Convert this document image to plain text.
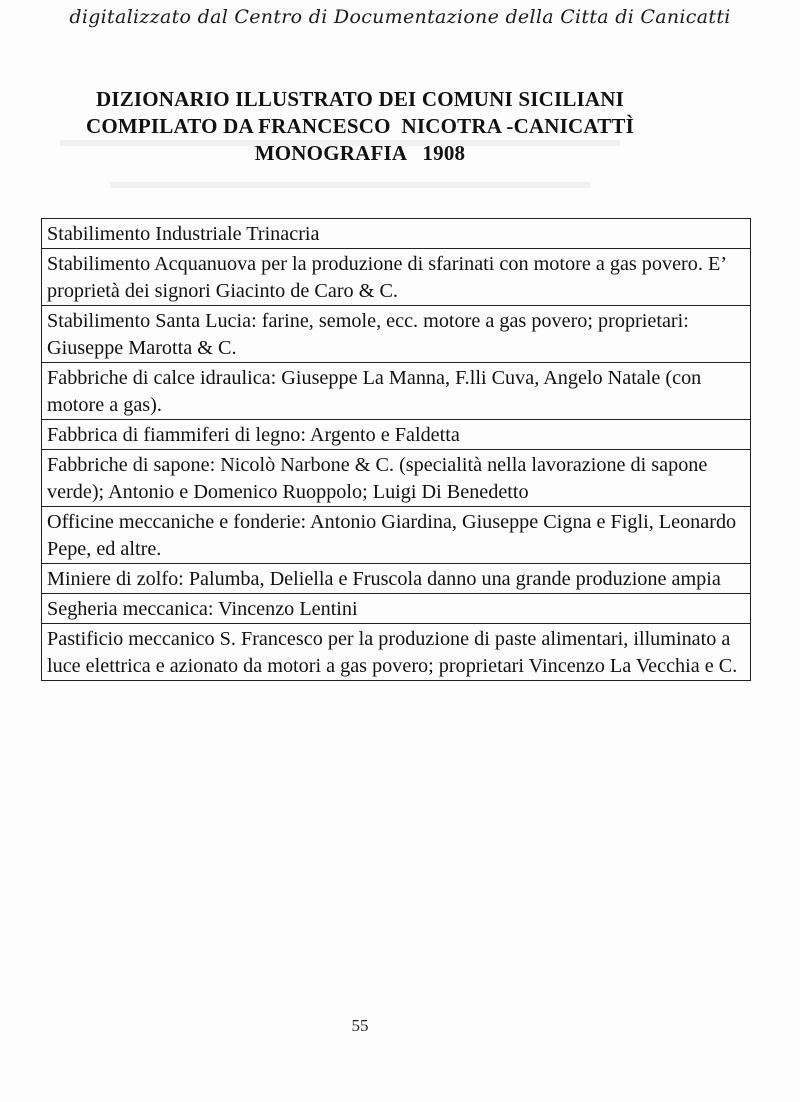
digitalizzato dal Centro di Documentazione della Citta di Canicatti
DIZIONARIO ILLUSTRATO DEI COMUNI SICILIANI
COMPILATO DA FRANCESCO  NICOTRA -CANICATTÌ
MONOGRAFIA   1908
Stabilimento Industriale Trinacria
Stabilimento Acquanuova per la produzione di sfarinati con motore a gas povero. E’ proprietà dei signori Giacinto de Caro & C.
Stabilimento Santa Lucia: farine, semole, ecc. motore a gas povero; proprietari: Giuseppe Marotta & C.
Fabbriche di calce idraulica: Giuseppe La Manna, F.lli Cuva, Angelo Natale (con motore a gas).
Fabbrica di fiammiferi di legno: Argento e Faldetta
Fabbriche di sapone: Nicolò Narbone & C. (specialità nella lavorazione di sapone verde); Antonio e Domenico Ruoppolo; Luigi Di Benedetto
Officine meccaniche e fonderie: Antonio Giardina, Giuseppe Cigna e Figli, Leonardo Pepe, ed altre.
Miniere di zolfo: Palumba, Deliella e Fruscola danno una grande produzione ampia
Segheria meccanica: Vincenzo Lentini
Pastificio meccanico S. Francesco per la produzione di paste alimentari, illuminato a luce elettrica e azionato da motori a gas povero; proprietari Vincenzo La Vecchia e C.
55
